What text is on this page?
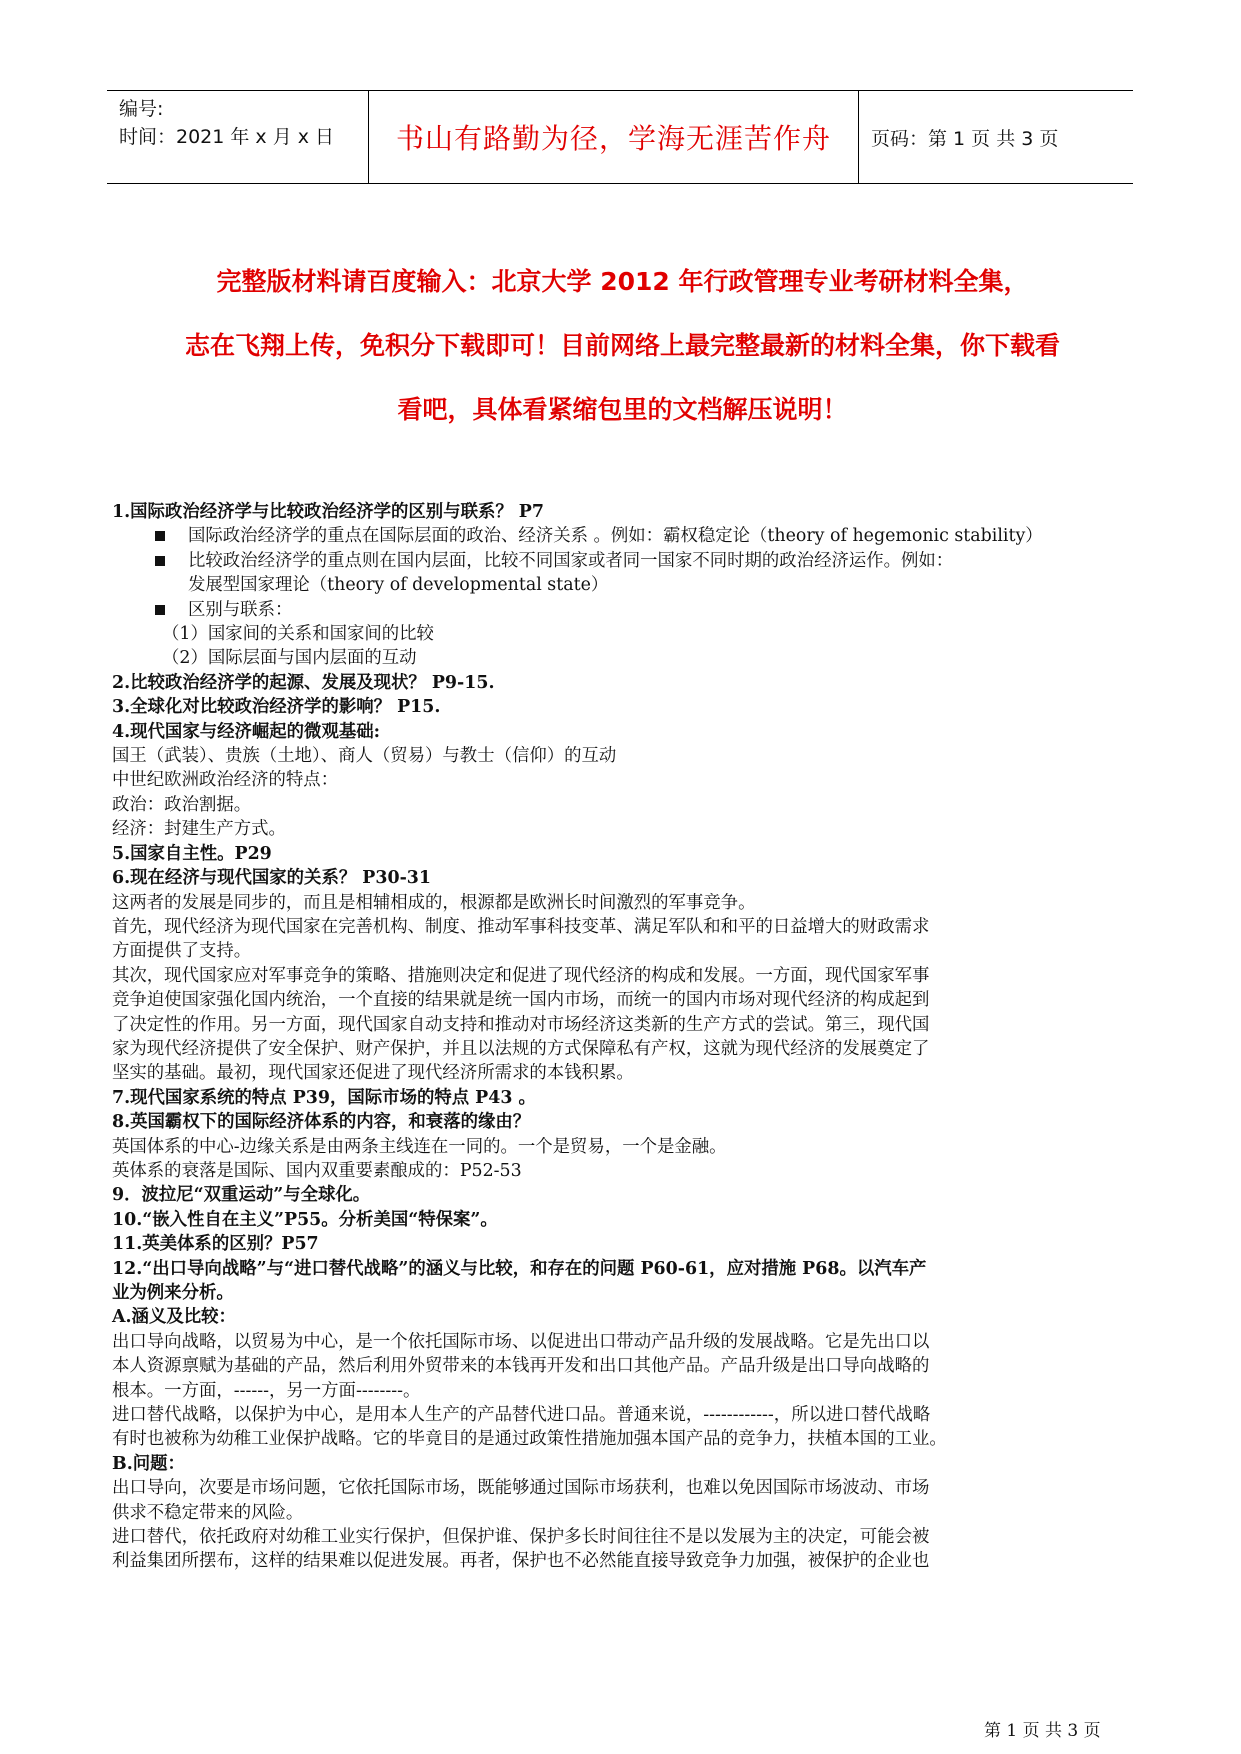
编号:
时间：2021 年 x 月 x 日	书山有路勤为径，学海无涯苦作舟	页码：第 1 页 共 3 页
完整版材料请百度输入：北京大学 2012 年行政管理专业考研材料全集，
志在飞翔上传，免积分下载即可！目前网络上最完整最新的材料全集，你下载看
看吧，具体看紧缩包里的文档解压说明！

1.国际政治经济学与比较政治经济学的区别与联系？ P7

国际政治经济学的重点在国际层面的政治、经济关系 。例如：霸权稳定论（theory of hegemonic stability）

比较政治经济学的重点则在国内层面，比较不同国家或者同一国家不同时期的政治经济运作。例如：

发展型国家理论（theory of developmental state）

区别与联系：

（1）国家间的关系和国家间的比较

（2）国际层面与国内层面的互动

2.比较政治经济学的起源、发展及现状？ P9-15.

3.全球化对比较政治经济学的影响？ P15.

4.现代国家与经济崛起的微观基础:

国王（武装）、贵族（土地）、商人（贸易）与教士（信仰）的互动

中世纪欧洲政治经济的特点：

政治：政治割据。

经济：封建生产方式。

5.国家自主性。P29

6.现在经济与现代国家的关系？ P30-31

这两者的发展是同步的，而且是相辅相成的，根源都是欧洲长时间激烈的军事竞争。

首先，现代经济为现代国家在完善机构、制度、推动军事科技变革、满足军队和和平的日益增大的财政需求

方面提供了支持。

其次，现代国家应对军事竞争的策略、措施则决定和促进了现代经济的构成和发展。一方面，现代国家军事

竞争迫使国家强化国内统治，一个直接的结果就是统一国内市场，而统一的国内市场对现代经济的构成起到

了决定性的作用。另一方面，现代国家自动支持和推动对市场经济这类新的生产方式的尝试。第三，现代国

家为现代经济提供了安全保护、财产保护，并且以法规的方式保障私有产权，这就为现代经济的发展奠定了

坚实的基础。最初，现代国家还促进了现代经济所需求的本钱积累。

7.现代国家系统的特点 P39，国际市场的特点 P43 。

8.英国霸权下的国际经济体系的内容，和衰落的缘由？

英国体系的中心-边缘关系是由两条主线连在一同的。一个是贸易，一个是金融。

英体系的衰落是国际、国内双重要素酿成的：P52-53

9．波拉尼“双重运动”与全球化。

10.“嵌入性自在主义”P55。分析美国“特保案”。

11.英美体系的区别？P57

12.“出口导向战略”与“进口替代战略”的涵义与比较，和存在的问题 P60-61，应对措施 P68。以汽车产

业为例来分析。

A.涵义及比较：

出口导向战略，以贸易为中心，是一个依托国际市场、以促进出口带动产品升级的发展战略。它是先出口以

本人资源禀赋为基础的产品，然后利用外贸带来的本钱再开发和出口其他产品。产品升级是出口导向战略的

根本。一方面，------，另一方面--------。

进口替代战略，以保护为中心，是用本人生产的产品替代进口品。普通来说，------------，所以进口替代战略

有时也被称为幼稚工业保护战略。它的毕竟目的是通过政策性措施加强本国产品的竞争力，扶植本国的工业。

B.问题：

出口导向，次要是市场问题，它依托国际市场，既能够通过国际市场获利，也难以免因国际市场波动、市场

供求不稳定带来的风险。

进口替代，依托政府对幼稚工业实行保护，但保护谁、保护多长时间往往不是以发展为主的决定，可能会被

利益集团所摆布，这样的结果难以促进发展。再者，保护也不必然能直接导致竞争力加强，被保护的企业也

第 1 页 共 3 页
